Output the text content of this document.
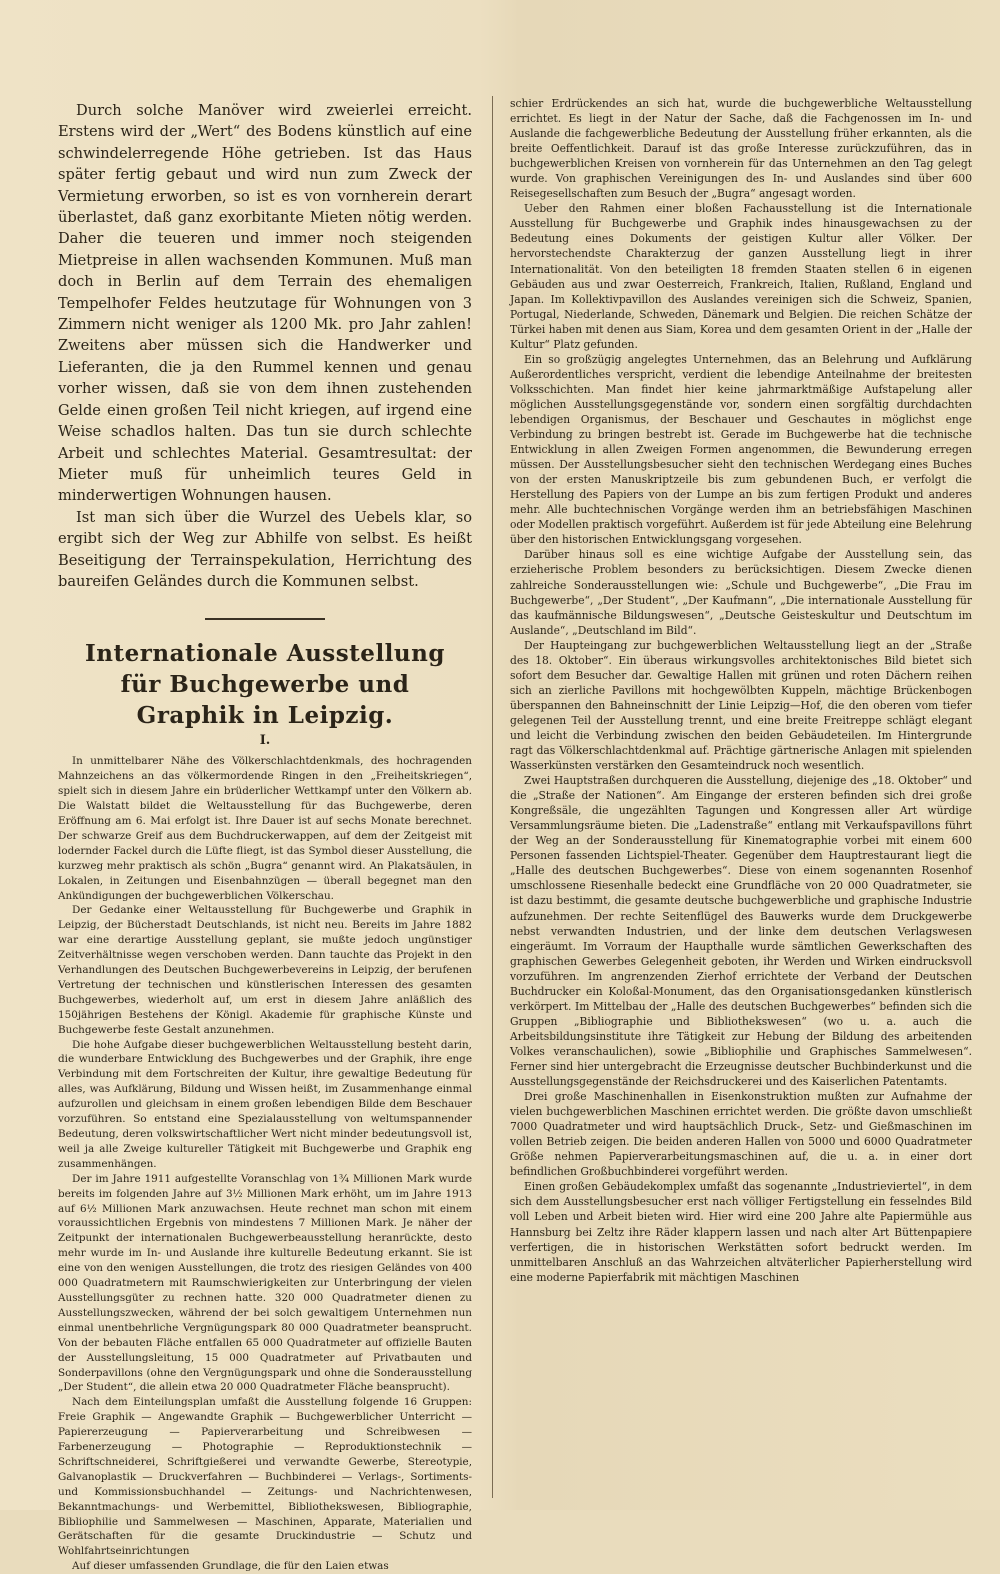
Durch solche Manöver wird zweierlei erreicht. Erstens wird der „Wert“ des Bodens künstlich auf eine schwindelerregende Höhe getrieben. Ist das Haus später fertig gebaut und wird nun zum Zweck der Vermietung erworben, so ist es von vornherein derart überlastet, daß ganz exorbitante Mieten nötig werden. Daher die teueren und immer noch steigenden Mietpreise in allen wachsenden Kommunen. Muß man doch in Berlin auf dem Terrain des ehemaligen Tempelhofer Feldes heutzutage für Wohnungen von 3 Zimmern nicht weniger als 1200 Mk. pro Jahr zahlen! Zweitens aber müssen sich die Handwerker und Lieferanten, die ja den Rummel kennen und genau vorher wissen, daß sie von dem ihnen zustehenden Gelde einen großen Teil nicht kriegen, auf irgend eine Weise schadlos halten. Das tun sie durch schlechte Arbeit und schlechtes Material. Gesamtresultat: der Mieter muß für unheimlich teures Geld in minderwertigen Wohnungen hausen.

Ist man sich über die Wurzel des Uebels klar, so ergibt sich der Weg zur Abhilfe von selbst. Es heißt Beseitigung der Terrainspekulation, Herrichtung des baureifen Geländes durch die Kommunen selbst.

Internationale Ausstellung für Buchgewerbe und
Graphik in Leipzig.
I.

In unmittelbarer Nähe des Völkerschlachtdenkmals, des hochragenden Mahnzeichens an das völkermordende Ringen in den „Freiheitskriegen“, spielt sich in diesem Jahre ein brüderlicher Wettkampf unter den Völkern ab. Die Walstatt bildet die Weltausstellung für das Buchgewerbe, deren Eröffnung am 6. Mai erfolgt ist. Ihre Dauer ist auf sechs Monate berechnet. Der schwarze Greif aus dem Buchdruckerwappen, auf dem der Zeitgeist mit lodernder Fackel durch die Lüfte fliegt, ist das Symbol dieser Ausstellung, die kurzweg mehr praktisch als schön „Bugra“ genannt wird. An Plakatsäulen, in Lokalen, in Zeitungen und Eisenbahnzügen — überall begegnet man den Ankündigungen der buchgewerblichen Völkerschau.

Der Gedanke einer Weltausstellung für Buchgewerbe und Graphik in Leipzig, der Bücherstadt Deutschlands, ist nicht neu. Bereits im Jahre 1882 war eine derartige Ausstellung geplant, sie mußte jedoch ungünstiger Zeitverhältnisse wegen verschoben werden. Dann tauchte das Projekt in den Verhandlungen des Deutschen Buchgewerbevereins in Leipzig, der berufenen Vertretung der technischen und künstlerischen Interessen des gesamten Buchgewerbes, wiederholt auf, um erst in diesem Jahre anläßlich des 150jährigen Bestehens der Königl. Akademie für graphische Künste und Buchgewerbe feste Gestalt anzunehmen.

Die hohe Aufgabe dieser buchgewerblichen Weltausstellung besteht darin, die wunderbare Entwicklung des Buchgewerbes und der Graphik, ihre enge Verbindung mit dem Fortschreiten der Kultur, ihre gewaltige Bedeutung für alles, was Aufklärung, Bildung und Wissen heißt, im Zusammenhange einmal aufzurollen und gleichsam in einem großen lebendigen Bilde dem Beschauer vorzuführen. So entstand eine Spezialausstellung von weltumspannender Bedeutung, deren volkswirtschaftlicher Wert nicht minder bedeutungsvoll ist, weil ja alle Zweige kultureller Tätigkeit mit Buchgewerbe und Graphik eng zusammenhängen.

Der im Jahre 1911 aufgestellte Voranschlag von 1¾ Millionen Mark wurde bereits im folgenden Jahre auf 3½ Millionen Mark erhöht, um im Jahre 1913 auf 6½ Millionen Mark anzuwachsen. Heute rechnet man schon mit einem voraussichtlichen Ergebnis von mindestens 7 Millionen Mark. Je näher der Zeitpunkt der internationalen Buchgewerbeausstellung heranrückte, desto mehr wurde im In- und Auslande ihre kulturelle Bedeutung erkannt. Sie ist eine von den wenigen Ausstellungen, die trotz des riesigen Geländes von 400 000 Quadratmetern mit Raumschwierigkeiten zur Unterbringung der vielen Ausstellungsgüter zu rechnen hatte. 320 000 Quadratmeter dienen zu Ausstellungszwecken, während der bei solch gewaltigem Unternehmen nun einmal unentbehrliche Vergnügungspark 80 000 Quadratmeter beansprucht. Von der bebauten Fläche entfallen 65 000 Quadratmeter auf offizielle Bauten der Ausstellungsleitung, 15 000 Quadratmeter auf Privatbauten und Sonderpavillons (ohne den Vergnügungspark und ohne die Sonderausstellung „Der Student“, die allein etwa 20 000 Quadratmeter Fläche beansprucht).

Nach dem Einteilungsplan umfaßt die Ausstellung folgende 16 Gruppen: Freie Graphik — Angewandte Graphik — Buchgewerblicher Unterricht — Papiererzeugung — Papierverarbeitung und Schreibwesen — Farbenerzeugung — Photographie — Reproduktionstechnik — Schriftschneiderei, Schriftgießerei und verwandte Gewerbe, Stereotypie, Galvanoplastik — Druckverfahren — Buchbinderei — Verlags-, Sortiments- und Kommissionsbuchhandel — Zeitungs- und Nachrichtenwesen, Bekanntmachungs- und Werbemittel, Bibliothekswesen, Bibliographie, Bibliophilie und Sammelwesen — Maschinen, Apparate, Materialien und Gerätschaften für die gesamte Druckindustrie — Schutz und Wohlfahrtseinrichtungen

Auf dieser umfassenden Grundlage, die für den Laien etwas

schier Erdrückendes an sich hat, wurde die buchgewerbliche Weltausstellung errichtet. Es liegt in der Natur der Sache, daß die Fachgenossen im In- und Auslande die fachgewerbliche Bedeutung der Ausstellung früher erkannten, als die breite Oeffentlichkeit. Darauf ist das große Interesse zurückzuführen, das in buchgewerblichen Kreisen von vornherein für das Unternehmen an den Tag gelegt wurde. Von graphischen Vereinigungen des In- und Auslandes sind über 600 Reisegesellschaften zum Besuch der „Bugra“ angesagt worden.

Ueber den Rahmen einer bloßen Fachausstellung ist die Internationale Ausstellung für Buchgewerbe und Graphik indes hinausgewachsen zu der Bedeutung eines Dokuments der geistigen Kultur aller Völker. Der hervorstechendste Charakterzug der ganzen Ausstellung liegt in ihrer Internationalität. Von den beteiligten 18 fremden Staaten stellen 6 in eigenen Gebäuden aus und zwar Oesterreich, Frankreich, Italien, Rußland, England und Japan. Im Kollektivpavillon des Auslandes vereinigen sich die Schweiz, Spanien, Portugal, Niederlande, Schweden, Dänemark und Belgien. Die reichen Schätze der Türkei haben mit denen aus Siam, Korea und dem gesamten Orient in der „Halle der Kultur“ Platz gefunden.

Ein so großzügig angelegtes Unternehmen, das an Belehrung und Aufklärung Außerordentliches verspricht, verdient die lebendige Anteilnahme der breitesten Volksschichten. Man findet hier keine jahrmarktmäßige Aufstapelung aller möglichen Ausstellungsgegenstände vor, sondern einen sorgfältig durchdachten lebendigen Organismus, der Beschauer und Geschautes in möglichst enge Verbindung zu bringen bestrebt ist. Gerade im Buchgewerbe hat die technische Entwicklung in allen Zweigen Formen angenommen, die Bewunderung erregen müssen. Der Ausstellungsbesucher sieht den technischen Werdegang eines Buches von der ersten Manuskriptzeile bis zum gebundenen Buch, er verfolgt die Herstellung des Papiers von der Lumpe an bis zum fertigen Produkt und anderes mehr. Alle buchtechnischen Vorgänge werden ihm an betriebsfähigen Maschinen oder Modellen praktisch vorgeführt. Außerdem ist für jede Abteilung eine Belehrung über den historischen Entwicklungsgang vorgesehen.

Darüber hinaus soll es eine wichtige Aufgabe der Ausstellung sein, das erzieherische Problem besonders zu berücksichtigen. Diesem Zwecke dienen zahlreiche Sonderausstellungen wie: „Schule und Buchgewerbe“, „Die Frau im Buchgewerbe“, „Der Student“, „Der Kaufmann“, „Die internationale Ausstellung für das kaufmännische Bildungswesen“, „Deutsche Geisteskultur und Deutschtum im Auslande“, „Deutschland im Bild“.

Der Haupteingang zur buchgewerblichen Weltausstellung liegt an der „Straße des 18. Oktober“. Ein überaus wirkungsvolles architektonisches Bild bietet sich sofort dem Besucher dar. Gewaltige Hallen mit grünen und roten Dächern reihen sich an zierliche Pavillons mit hochgewölbten Kuppeln, mächtige Brückenbogen überspannen den Bahneinschnitt der Linie Leipzig—Hof, die den oberen vom tiefer gelegenen Teil der Ausstellung trennt, und eine breite Freitreppe schlägt elegant und leicht die Verbindung zwischen den beiden Gebäudeteilen. Im Hintergrunde ragt das Völkerschlachtdenkmal auf. Prächtige gärtnerische Anlagen mit spielenden Wasserkünsten verstärken den Gesamteindruck noch wesentlich.

Zwei Hauptstraßen durchqueren die Ausstellung, diejenige des „18. Oktober“ und die „Straße der Nationen“. Am Eingange der ersteren befinden sich drei große Kongreßsäle, die ungezählten Tagungen und Kongressen aller Art würdige Versammlungsräume bieten. Die „Ladenstraße“ entlang mit Verkaufspavillons führt der Weg an der Sonderausstellung für Kinematographie vorbei mit einem 600 Personen fassenden Lichtspiel-Theater. Gegenüber dem Hauptrestaurant liegt die „Halle des deutschen Buchgewerbes“. Diese von einem sogenannten Rosenhof umschlossene Riesenhalle bedeckt eine Grundfläche von 20 000 Quadratmeter, sie ist dazu bestimmt, die gesamte deutsche buchgewerbliche und graphische Industrie aufzunehmen. Der rechte Seitenflügel des Bauwerks wurde dem Druckgewerbe nebst verwandten Industrien, und der linke dem deutschen Verlagswesen eingeräumt. Im Vorraum der Haupthalle wurde sämtlichen Gewerkschaften des graphischen Gewerbes Gelegenheit geboten, ihr Werden und Wirken eindrucksvoll vorzuführen. Im angrenzenden Zierhof errichtete der Verband der Deutschen Buchdrucker ein Koloßal-Monument, das den Organisationsgedanken künstlerisch verkörpert. Im Mittelbau der „Halle des deutschen Buchgewerbes“ befinden sich die Gruppen „Bibliographie und Bibliothekswesen“ (wo u. a. auch die Arbeitsbildungsinstitute ihre Tätigkeit zur Hebung der Bildung des arbeitenden Volkes veranschaulichen), sowie „Bibliophilie und Graphisches Sammelwesen“. Ferner sind hier untergebracht die Erzeugnisse deutscher Buchbinderkunst und die Ausstellungsgegenstände der Reichsdruckerei und des Kaiserlichen Patentamts.

Drei große Maschinenhallen in Eisenkonstruktion mußten zur Aufnahme der vielen buchgewerblichen Maschinen errichtet werden. Die größte davon umschließt 7000 Quadratmeter und wird hauptsächlich Druck-, Setz- und Gießmaschinen im vollen Betrieb zeigen. Die beiden anderen Hallen von 5000 und 6000 Quadratmeter Größe nehmen Papierverarbeitungsmaschinen auf, die u. a. in einer dort befindlichen Großbuchbinderei vorgeführt werden.

Einen großen Gebäudekomplex umfaßt das sogenannte „Industrieviertel“, in dem sich dem Ausstellungsbesucher erst nach völliger Fertigstellung ein fesselndes Bild voll Leben und Arbeit bieten wird. Hier wird eine 200 Jahre alte Papiermühle aus Hannsburg bei Zeltz ihre Räder klappern lassen und nach alter Art Büttenpapiere verfertigen, die in historischen Werkstätten sofort bedruckt werden. Im unmittelbaren Anschluß an das Wahrzeichen altväterlicher Papierherstellung wird eine moderne Papierfabrik mit mächtigen Maschinen
